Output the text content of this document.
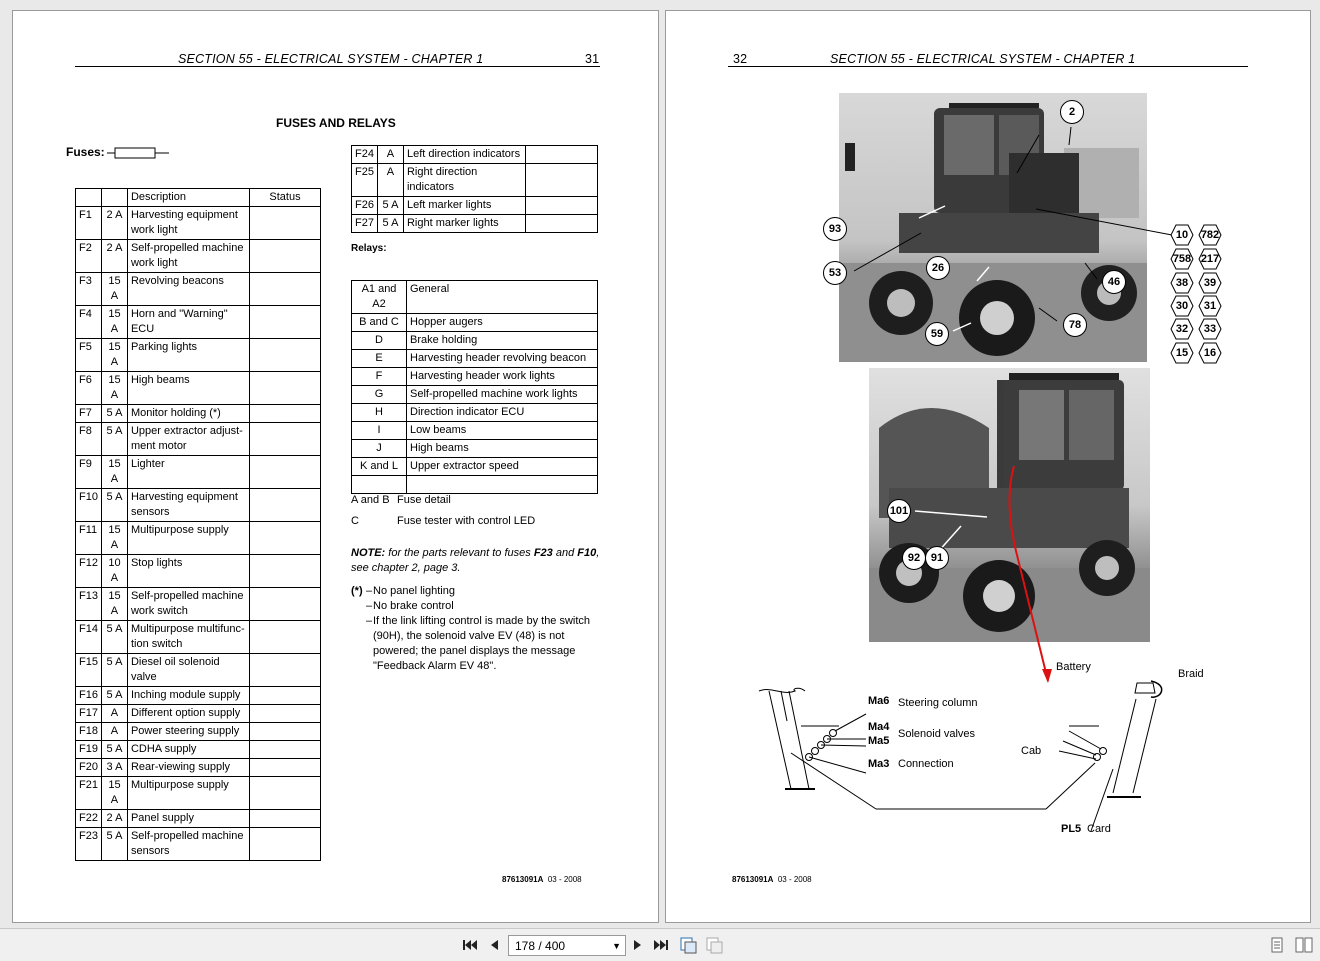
SECTION 55 - ELECTRICAL SYSTEM - CHAPTER 1	31
FUSES AND RELAYS
Fuses:
		Description	Status
F1	2 A	Harvesting equipment work light	
F2	2 A	Self-propelled machine work light	
F3	15 A	Revolving beacons	
F4	15 A	Horn and "Warning" ECU	
F5	15 A	Parking lights	
F6	15 A	High beams	
F7	5 A	Monitor holding (*)	
F8	5 A	Upper extractor adjust-ment motor	
F9	15 A	Lighter	
F10	5 A	Harvesting equipment sensors	
F11	15 A	Multipurpose supply	
F12	10 A	Stop lights	
F13	15 A	Self-propelled machine work switch	
F14	5 A	Multipurpose multifunc-tion switch	
F15	5 A	Diesel oil solenoid valve	
F16	5 A	Inching module supply	
F17	A	Different option supply	
F18	A	Power steering supply	
F19	5 A	CDHA supply	
F20	3 A	Rear-viewing supply	
F21	15 A	Multipurpose supply	
F22	2 A	Panel supply	
F23	5 A	Self-propelled machine sensors	
F24	A	Left direction indicators	
F25	A	Right direction indicators	
F26	5 A	Left marker lights	
F27	5 A	Right marker lights	
Relays:
A1 and A2	General
B and C	Hopper augers
D	Brake holding
E	Harvesting header revolving beacon
F	Harvesting header work lights
G	Self-propelled machine work lights
H	Direction indicator ECU
I	Low beams
J	High beams
K and L	Upper extractor speed

A and B Fuse detail
C	Fuse tester with control LED
NOTE: for the parts relevant to fuses F23 and F10,
see chapter 2, page 3.
(*) – No panel lighting
– No brake control
– If the link lifting control is made by the switch (90H), the solenoid valve EV (48) is not powered; the panel displays the message "Feedback Alarm EV 48".
87613091A 03 - 2008
32	SECTION 55 - ELECTRICAL SYSTEM - CHAPTER 1
2
93
53	26
46
59
78
10	782
758 217
38	39
30	31
32	33
15	16
101
92 91
Battery
Braid
Ma6 Steering column
Ma4
Ma5
Solenoid valves
Ma3 Connection
Cab
PL5 Card
87613091A 03 - 2008
178 / 400	▼
